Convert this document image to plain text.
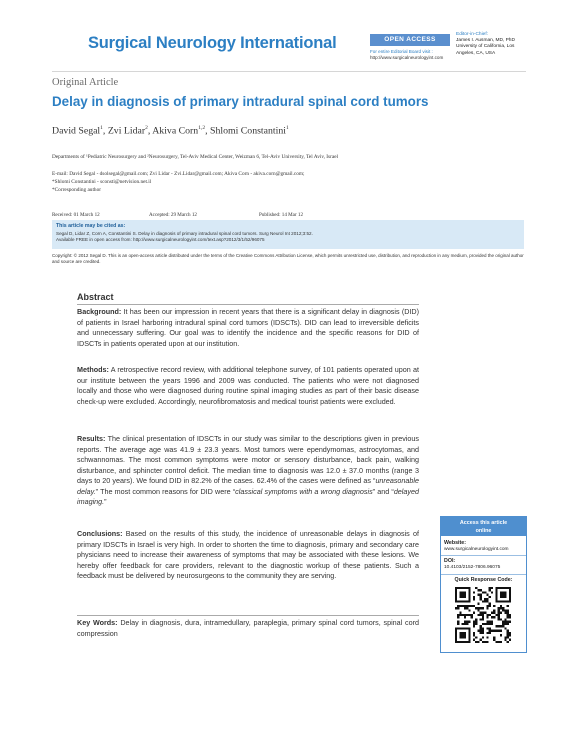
Surgical Neurology International	OPEN ACCESS
For entire Editorial Board visit :
http://www.surgicalneurologyint.com
Editor-in-Chief:
James I. Ausman, MD, PhD
University of California, Los
Angeles, CA, USA
Original Article
Delay in diagnosis of primary intradural spinal cord tumors
David Segal$^1$, Zvi Lidar$^2$, Akiva Corn$^{1,2}$, Shlomi Constantini$^1$
Departments of ¹Pediatric Neurosurgery and ²Neurosurgery, Tel-Aviv Medical Center, Weizman 6, Tel-Aviv University, Tel Aviv, Israel
E-mail: David Segal - dsolsegal@gmail.com; Zvi Lidar - Zvi.Lidar@gmail.com; Akiva Corn - akiva.corn@gmail.com;
*Shlomi Constantini - sconsti@netvision.net.il
*Corresponding author
Received: 01 March 12	Accepted: 29 March 12	Published: 14 Mar 12
This article may be cited as:
Segal D, Lidar Z, Corn A, Constantini S. Delay in diagnosis of primary intradural spinal cord tumors. Surg Neurol Int 2012;3:52.
Available FREE in open access from: http://www.surgicalneurologyint.com/text.asp?2012/3/1/52/96075
Copyright: © 2012 Segal D. This is an open-access article distributed under the terms of the Creative Commons Attribution License, which permits unrestricted use, distribution, and reproduction in any medium, provided the original author and source are credited.
Abstract
Background: It has been our impression in recent years that there is a significant delay in diagnosis (DID) of patients in Israel harboring intradural spinal cord tumors (IDSCTs). DID can lead to irreversible deficits and unnecessary suffering. Our goal was to identify the incidence and the specific reasons for DID of IDSCTs in patients operated upon at our institution.
Methods: A retrospective record review, with additional telephone survey, of 101 patients operated upon at our institute between the years 1996 and 2009 was conducted. The patients who were not diagnosed locally and those who were diagnosed during routine spinal imaging studies as part of their basic disease check-up were excluded. Accordingly, neurofibromatosis and medical tourist patients were excluded.
Results: The clinical presentation of IDSCTs in our study was similar to the descriptions given in previous reports. The average age was 41.9 ± 23.3 years. Most tumors were ependymomas, astrocytomas, and schwannomas. The most common symptoms were motor or sensory disturbance, back pain, walking disturbance, and sphincter control deficit. The median time to diagnosis was 12.0 ± 37.0 months (range 3 days to 20 years). We found DID in 82.2% of the cases. 62.4% of the cases were defined as “unreasonable delay.” The most common reasons for DID were “classical symptoms with a wrong diagnosis” and “delayed imaging.”
Conclusions: Based on the results of this study, the incidence of unreasonable delays in diagnosis of primary IDSCTs in Israel is very high. In order to shorten the time to diagnosis, primary and secondary care physicians need to increase their awareness of symptoms that may be associated with these lesions. We hereby offer feedback for care providers, relevant to the diagnostic workup of these patients. Such a feedback must be delivered by neurosurgeons to the community they are serving.
Key Words: Delay in diagnosis, dura, intramedullary, paraplegia, primary spinal cord tumors, spinal cord compression
Access this article
online
Website:
www.surgicalneurologyint.com
DOI:
10.4103/2152-7806.96075
Quick Response Code:
